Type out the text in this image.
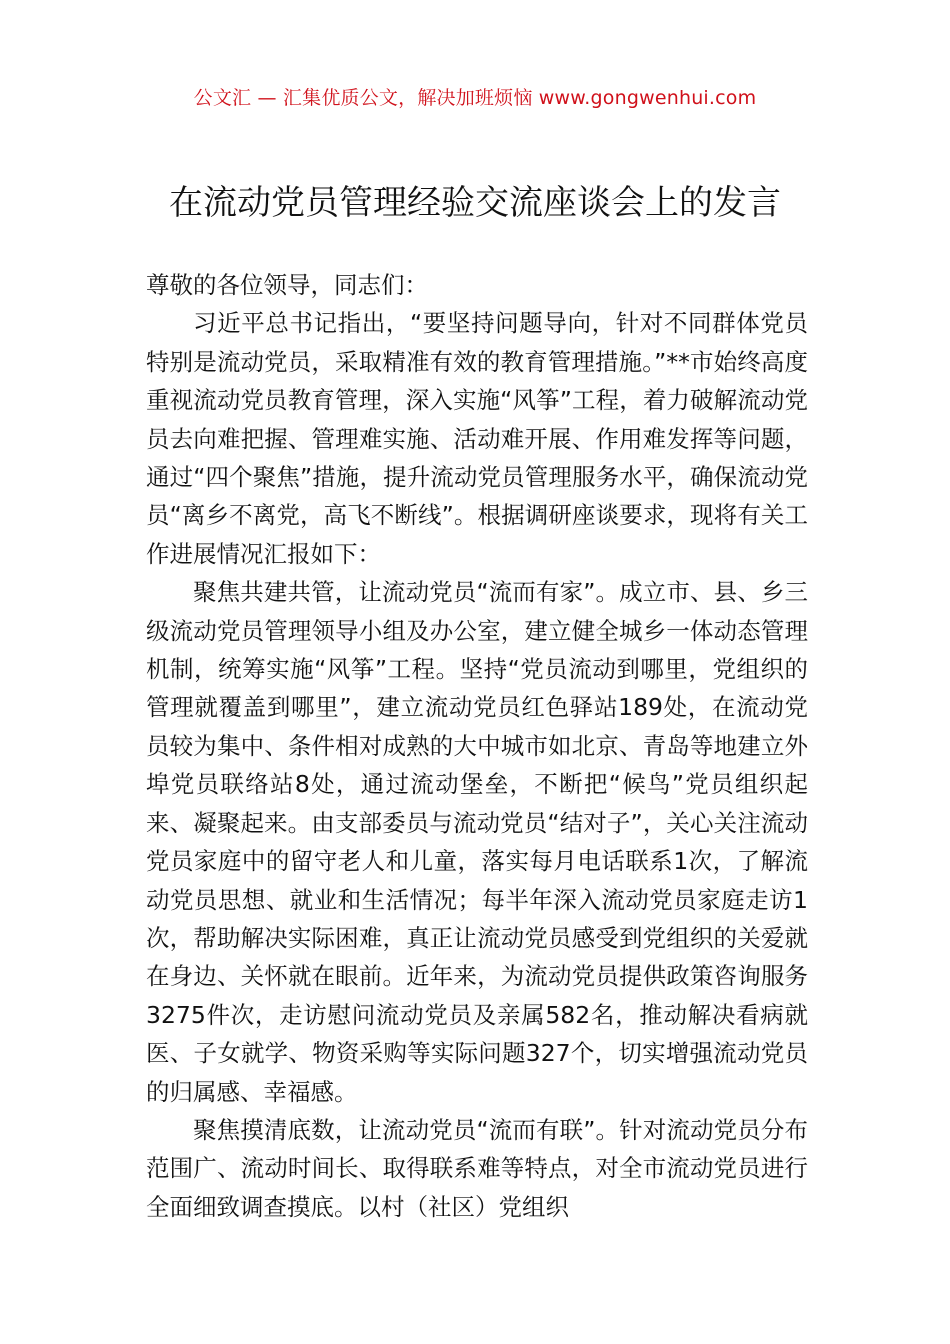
公文汇 — 汇集优质公文，解决加班烦恼 www.gongwenhui.com
在流动党员管理经验交流座谈会上的发言

尊敬的各位领导，同志们：

习近平总书记指出，“要坚持问题导向，针对不同群体党员特别是流动党员，采取精准有效的教育管理措施。”**市始终高度重视流动党员教育管理，深入实施“风筝”工程，着力破解流动党员去向难把握、管理难实施、活动难开展、作用难发挥等问题，通过“四个聚焦”措施，提升流动党员管理服务水平，确保流动党员“离乡不离党，高飞不断线”。根据调研座谈要求，现将有关工作进展情况汇报如下：

聚焦共建共管，让流动党员“流而有家”。成立市、县、乡三级流动党员管理领导小组及办公室，建立健全城乡一体动态管理机制，统筹实施“风筝”工程。坚持“党员流动到哪里，党组织的管理就覆盖到哪里”，建立流动党员红色驿站189处，在流动党员较为集中、条件相对成熟的大中城市如北京、青岛等地建立外埠党员联络站8处，通过流动堡垒，不断把“候鸟”党员组织起来、凝聚起来。由支部委员与流动党员“结对子”，关心关注流动党员家庭中的留守老人和儿童，落实每月电话联系1次，了解流动党员思想、就业和生活情况；每半年深入流动党员家庭走访1次，帮助解决实际困难，真正让流动党员感受到党组织的关爱就在身边、关怀就在眼前。近年来，为流动党员提供政策咨询服务3275件次，走访慰问流动党员及亲属582名，推动解决看病就医、子女就学、物资采购等实际问题327个，切实增强流动党员的归属感、幸福感。

聚焦摸清底数，让流动党员“流而有联”。针对流动党员分布范围广、流动时间长、取得联系难等特点，对全市流动党员进行全面细致调查摸底。以村（社区）党组织
